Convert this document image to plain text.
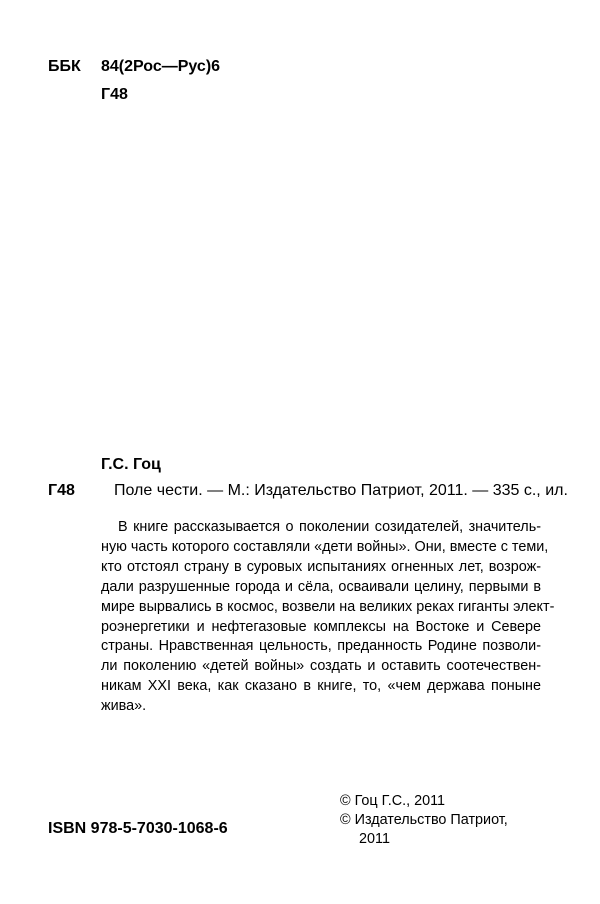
ББК 84(2Рос—Рус)6
Г48
Г.С. Гоц
Г48 Поле чести. — М.: Издательство Патриот, 2011. — 335 с., ил.
В книге рассказывается о поколении созидателей, значитель-
ную часть которого составляли «дети войны». Они, вместе с теми,
кто отстоял страну в суровых испытаниях огненных лет, возрож-
дали разрушенные города и сёла, осваивали целину, первыми в
мире вырвались в космос, возвели на великих реках гиганты элект-
роэнергетики и нефтегазовые комплексы на Востоке и Севере
страны. Нравственная цельность, преданность Родине позволи-
ли поколению «детей войны» создать и оставить соотечествен-
никам XXI века, как сказано в книге, то, «чем держава поныне
жива».
© Гоц Г.С., 2011
© Издательство Патриот,
2011
ISBN 978-5-7030-1068-6
